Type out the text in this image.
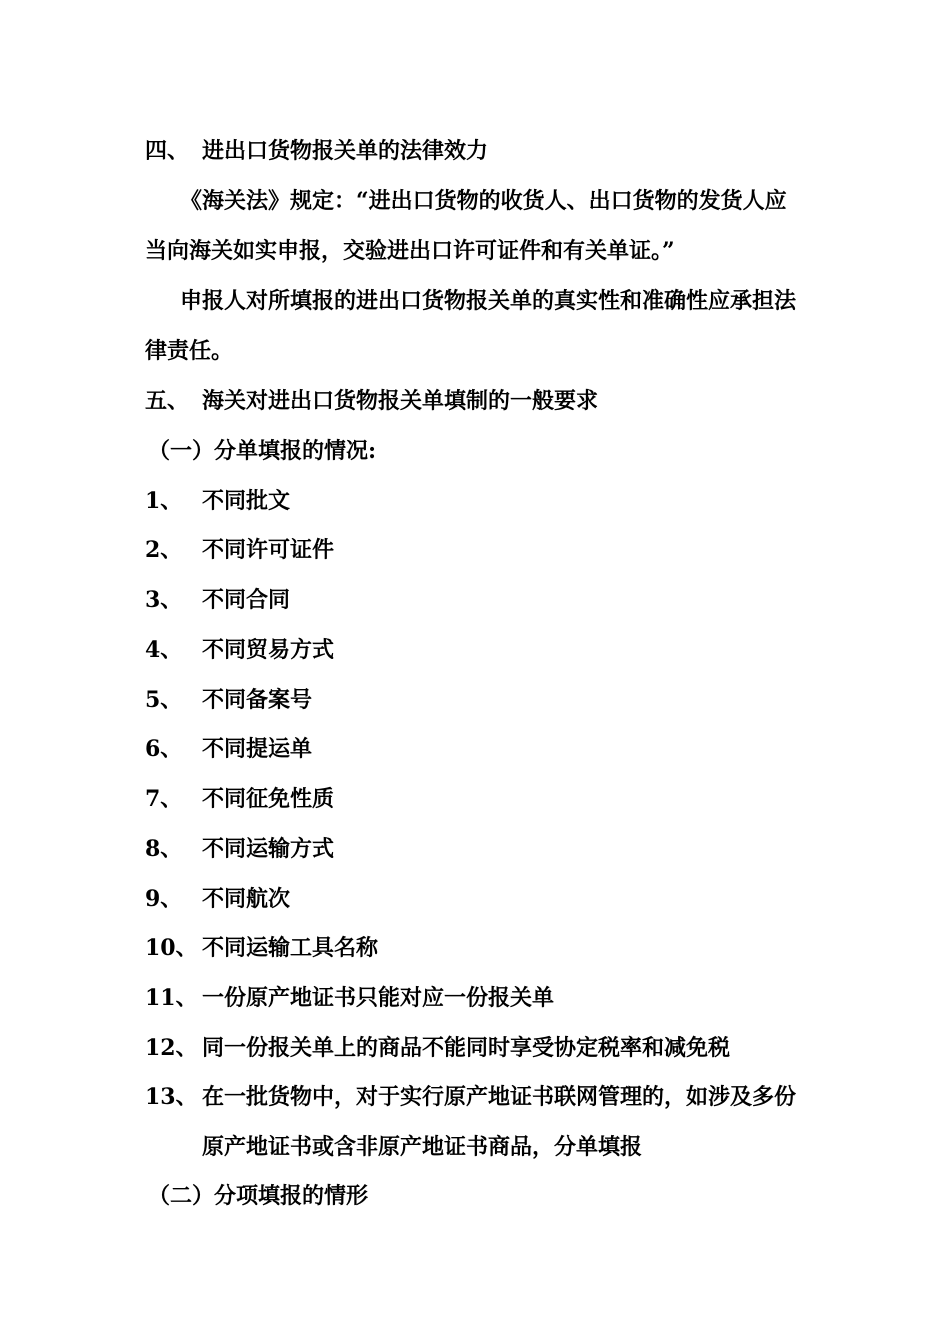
四、 进出口货物报关单的法律效力
《海关法》规定：“进出口货物的收货人、出口货物的发货人应
当向海关如实申报，交验进出口许可证件和有关单证。”
申报人对所填报的进出口货物报关单的真实性和准确性应承担法
律责任。
五、 海关对进出口货物报关单填制的一般要求
（一）分单填报的情况:
1、 不同批文
2、 不同许可证件
3、 不同合同
4、 不同贸易方式
5、 不同备案号
6、 不同提运单
7、 不同征免性质
8、 不同运输方式
9、 不同航次
10、 不同运输工具名称
11、 一份原产地证书只能对应一份报关单
12、 同一份报关单上的商品不能同时享受协定税率和减免税
13、 在一批货物中，对于实行原产地证书联网管理的，如涉及多份
原产地证书或含非原产地证书商品，分单填报
（二）分项填报的情形
